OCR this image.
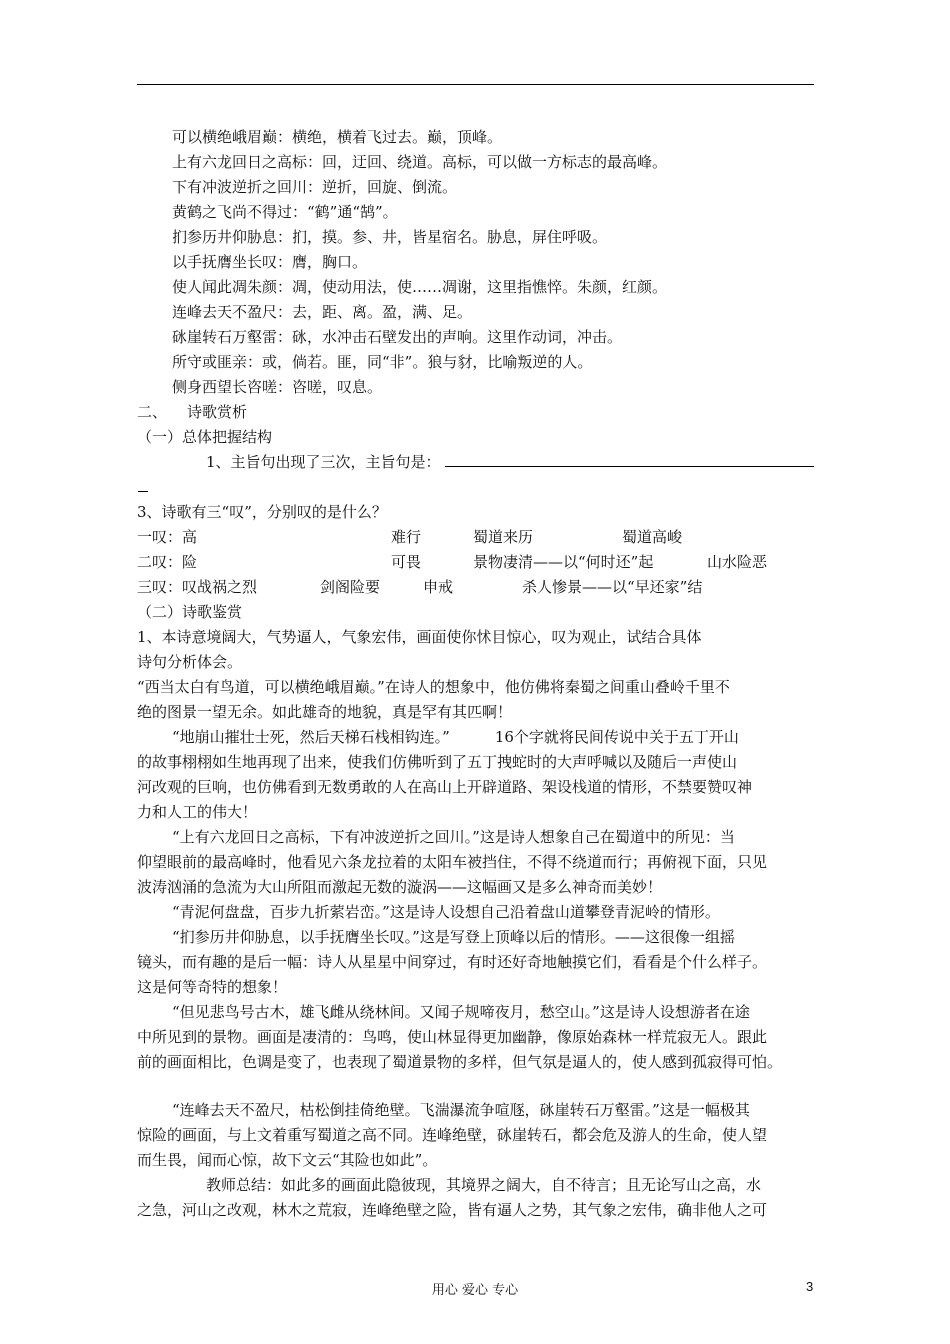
可以横绝峨眉巅：横绝，横着飞过去。巅，顶峰。
上有六龙回日之高标：回，迂回、绕道。高标，可以做一方标志的最高峰。
下有冲波逆折之回川：逆折，回旋、倒流。
黄鹤之飞尚不得过：“鹤”通“鹄”。
扪参历井仰胁息：扪，摸。参、井，皆星宿名。胁息，屏住呼吸。
以手抚膺坐长叹：膺，胸口。
使人闻此凋朱颜：凋，使动用法，使……凋谢，这里指憔悴。朱颜，红颜。
连峰去天不盈尺：去，距、离。盈，满、足。
砯崖转石万壑雷：砯，水冲击石壁发出的声响。这里作动词，冲击。
所守或匪亲：或，倘若。匪，同“非”。狼与豺，比喻叛逆的人。
侧身西望长咨嗟：咨嗟，叹息。
二、 诗歌赏析
（一）总体把握结构
1、主旨句出现了三次，主旨句是：
3、诗歌有三“叹”，分别叹的是什么？
一叹：高	难行	蜀道来历	蜀道高峻
二叹：险	可畏	景物凄清——以“何时还”起	山水险恶
三叹：叹战祸之烈	剑阁险要	申戒	杀人惨景——以“早还家”结
（二）诗歌鉴赏
1、本诗意境阔大，气势逼人，气象宏伟，画面使你怵目惊心，叹为观止，试结合具体
诗句分析体会。
“西当太白有鸟道，可以横绝峨眉巅。”在诗人的想象中，他仿佛将秦蜀之间重山叠岭千里不
绝的图景一望无余。如此雄奇的地貌，真是罕有其匹啊！
“地崩山摧壮士死，然后天梯石栈相钩连。”　　　16个字就将民间传说中关于五丁开山
的故事栩栩如生地再现了出来，使我们仿佛听到了五丁拽蛇时的大声呼喊以及随后一声使山
河改观的巨响，也仿佛看到无数勇敢的人在高山上开辟道路、架设栈道的情形，不禁要赞叹神
力和人工的伟大！
“上有六龙回日之高标，下有冲波逆折之回川。”这是诗人想象自己在蜀道中的所见：当
仰望眼前的最高峰时，他看见六条龙拉着的太阳车被挡住，不得不绕道而行；再俯视下面，只见
波涛汹涌的急流为大山所阻而激起无数的漩涡——这幅画又是多么神奇而美妙！
“青泥何盘盘，百步九折萦岩峦。”这是诗人设想自己沿着盘山道攀登青泥岭的情形。
“扪参历井仰胁息，以手抚膺坐长叹。”这是写登上顶峰以后的情形。——这很像一组摇
镜头，而有趣的是后一幅：诗人从星星中间穿过，有时还好奇地触摸它们，看看是个什么样子。
这是何等奇特的想象！
“但见悲鸟号古木，雄飞雌从绕林间。又闻子规啼夜月，愁空山。”这是诗人设想游者在途
中所见到的景物。画面是凄清的：鸟鸣，使山林显得更加幽静，像原始森林一样荒寂无人。跟此
前的画面相比，色调是变了，也表现了蜀道景物的多样，但气氛是逼人的，使人感到孤寂得可怕。
“连峰去天不盈尺，枯松倒挂倚绝壁。飞湍瀑流争喧豗，砯崖转石万壑雷。”这是一幅极其
惊险的画面，与上文着重写蜀道之高不同。连峰绝壁，砯崖转石，都会危及游人的生命，使人望
而生畏，闻而心惊，故下文云“其险也如此”。
教师总结：如此多的画面此隐彼现，其境界之阔大，自不待言；且无论写山之高，水
之急，河山之改观，林木之荒寂，连峰绝壁之险，皆有逼人之势，其气象之宏伟，确非他人之可
用心 爱心 专心	3
